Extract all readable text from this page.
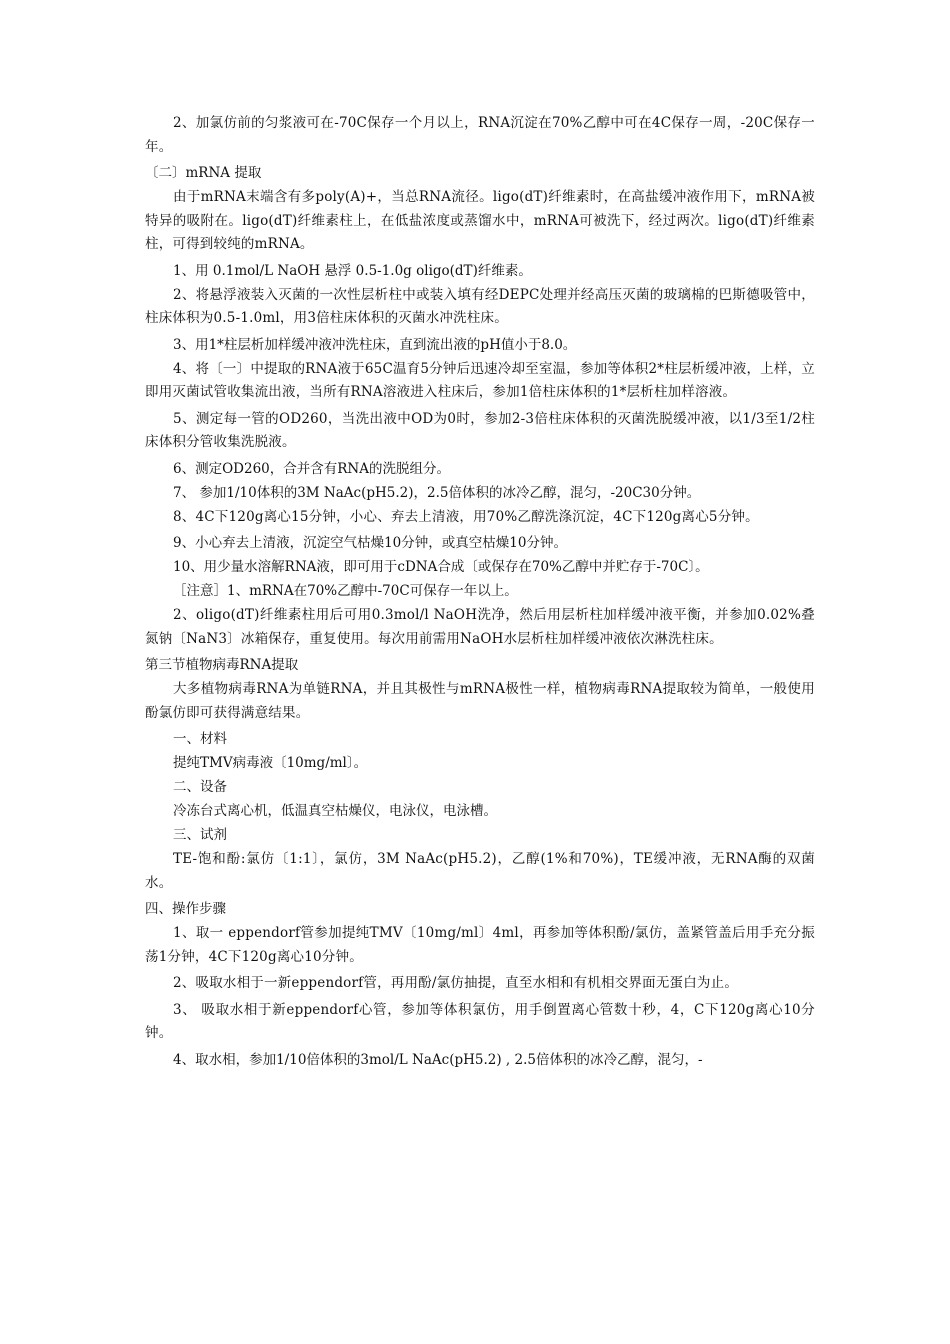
2、加氯仿前的匀浆液可在-70C保存一个月以上，RNA沉淀在70%乙醇中可在4C保存一周，-20C保存一年。

〔二〕mRNA 提取

由于mRNA末端含有多poly(A)+，当总RNA流径。ligo(dT)纤维素时，在高盐缓冲液作用下，mRNA被特异的吸附在。ligo(dT)纤维素柱上，在低盐浓度或蒸馏水中，mRNA可被洗下，经过两次。ligo(dT)纤维素柱，可得到较纯的mRNA。

1、用 0.1mol/L NaOH 悬浮 0.5-1.0g oligo(dT)纤维素。

2、将悬浮液装入灭菌的一次性层析柱中或装入填有经DEPC处理并经高压灭菌的玻璃棉的巴斯德吸管中，柱床体积为0.5-1.0ml，用3倍柱床体积的灭菌水冲洗柱床。

3、用1*柱层析加样缓冲液冲洗柱床，直到流出液的pH值小于8.0。

4、将〔一〕中提取的RNA液于65C温育5分钟后迅速冷却至室温，参加等体积2*柱层析缓冲液，上样，立即用灭菌试管收集流出液，当所有RNA溶液进入柱床后，参加1倍柱床体积的1*层析柱加样溶液。

5、测定每一管的OD260，当洗出液中OD为0时，参加2-3倍柱床体积的灭菌洗脱缓冲液，以1/3至1/2柱床体积分管收集洗脱液。

6、测定OD260，合并含有RNA的洗脱组分。

7、 参加1/10体积的3M NaAc(pH5.2)，2.5倍体积的冰冷乙醇，混匀，-20C30分钟。

8、4C下120g离心15分钟，小心、弃去上清液，用70%乙醇洗涤沉淀，4C下120g离心5分钟。

9、小心弃去上清液，沉淀空气枯燥10分钟，或真空枯燥10分钟。

10、用少量水溶解RNA液，即可用于cDNA合成〔或保存在70%乙醇中并贮存于-70C〕。

［注意］1、mRNA在70%乙醇中-70C可保存一年以上。

2、oligo(dT)纤维素柱用后可用0.3mol/l NaOH洗净，然后用层析柱加样缓冲液平衡，并参加0.02%叠氮钠〔NaN3〕冰箱保存，重复使用。每次用前需用NaOH水层析柱加样缓冲液依次淋洗柱床。

第三节植物病毒RNA提取

大多植物病毒RNA为单链RNA，并且其极性与mRNA极性一样，植物病毒RNA提取较为简单，一般使用酚氯仿即可获得满意结果。

一、材料

提纯TMV病毒液〔10mg/ml〕。

二、设备

冷冻台式离心机，低温真空枯燥仪，电泳仪，电泳槽。

三、试剂

TE-饱和酚:氯仿〔1:1〕，氯仿，3M NaAc(pH5.2)，乙醇(1%和70%)，TE缓冲液，无RNA酶的双菌水。

四、操作步骤

1、取一 eppendorf管参加提纯TMV〔10mg/ml〕4ml，再参加等体积酚/氯仿，盖紧管盖后用手充分振荡1分钟，4C下120g离心10分钟。

2、吸取水相于一新eppendorf管，再用酚/氯仿抽提，直至水相和有机相交界面无蛋白为止。

3、 吸取水相于新eppendorf心管，参加等体积氯仿，用手倒置离心管数十秒，4，C下120g离心10分钟。

4、取水相，参加1/10倍体积的3mol/L NaAc(pH5.2) , 2.5倍体积的冰冷乙醇，混匀，-
